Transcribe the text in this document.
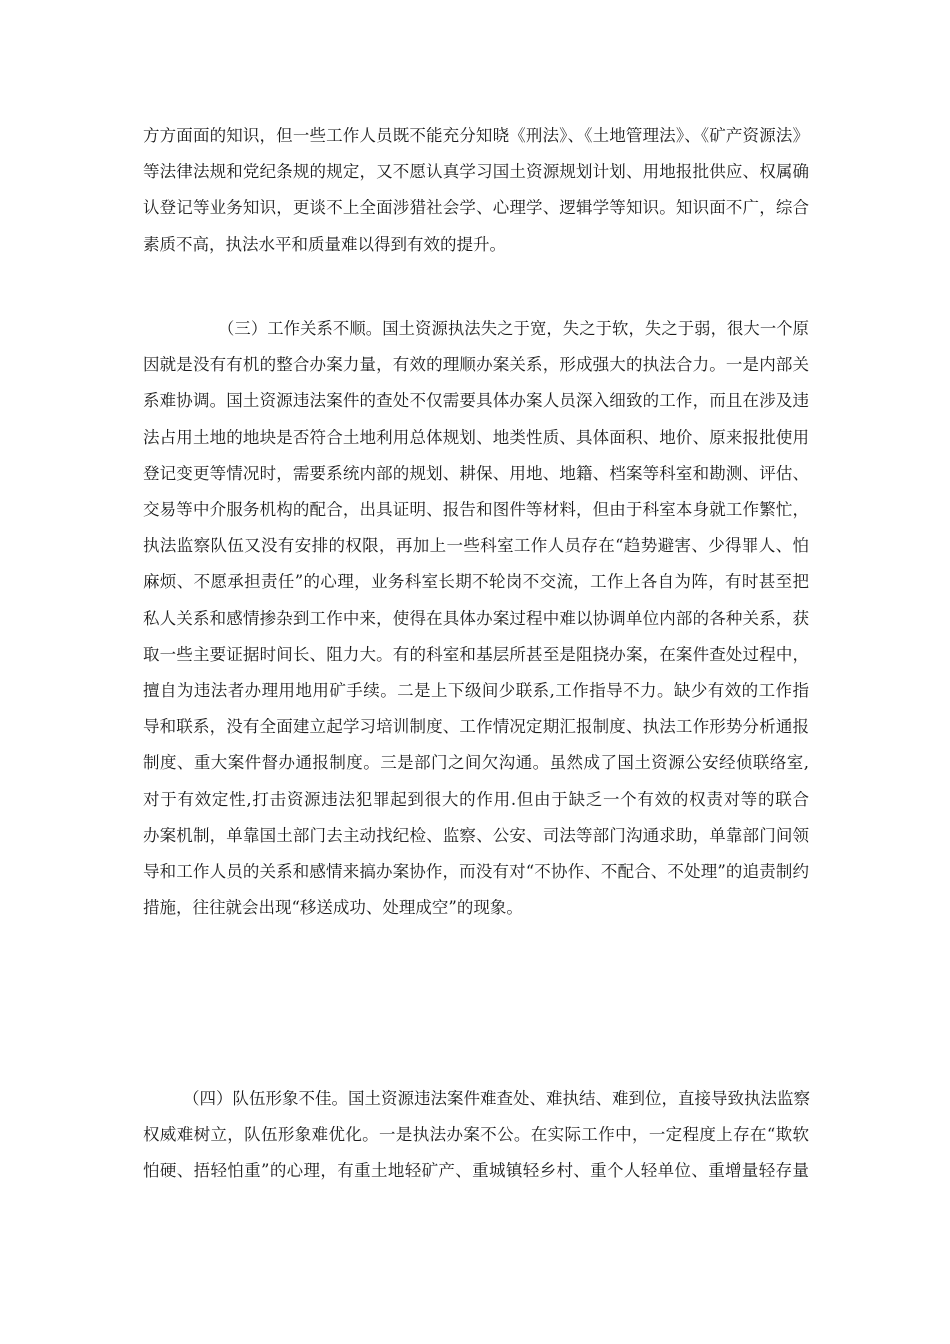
方方面面的知识，但一些工作人员既不能充分知晓《刑法》、《土地管理法》、《矿产资源法》
等法律法规和党纪条规的规定，又不愿认真学习国土资源规划计划、用地报批供应、权属确
认登记等业务知识，更谈不上全面涉猎社会学、心理学、逻辑学等知识。知识面不广，综合
素质不高，执法水平和质量难以得到有效的提升。
（三）工作关系不顺。国土资源执法失之于宽，失之于软，失之于弱，很大一个原
因就是没有有机的整合办案力量，有效的理顺办案关系，形成强大的执法合力。一是内部关
系难协调。国土资源违法案件的查处不仅需要具体办案人员深入细致的工作，而且在涉及违
法占用土地的地块是否符合土地利用总体规划、地类性质、具体面积、地价、原来报批使用
登记变更等情况时，需要系统内部的规划、耕保、用地、地籍、档案等科室和勘测、评估、
交易等中介服务机构的配合，出具证明、报告和图件等材料，但由于科室本身就工作繁忙，
执法监察队伍又没有安排的权限，再加上一些科室工作人员存在“趋势避害、少得罪人、怕
麻烦、不愿承担责任”的心理，业务科室长期不轮岗不交流，工作上各自为阵，有时甚至把
私人关系和感情掺杂到工作中来，使得在具体办案过程中难以协调单位内部的各种关系，获
取一些主要证据时间长、阻力大。有的科室和基层所甚至是阻挠办案，在案件查处过程中，
擅自为违法者办理用地用矿手续。二是上下级间少联系,工作指导不力。缺少有效的工作指
导和联系，没有全面建立起学习培训制度、工作情况定期汇报制度、执法工作形势分析通报
制度、重大案件督办通报制度。三是部门之间欠沟通。虽然成了国土资源公安经侦联络室,
对于有效定性,打击资源违法犯罪起到很大的作用.但由于缺乏一个有效的权责对等的联合
办案机制，单靠国土部门去主动找纪检、监察、公安、司法等部门沟通求助，单靠部门间领
导和工作人员的关系和感情来搞办案协作，而没有对“不协作、不配合、不处理”的追责制约
措施，往往就会出现“移送成功、处理成空”的现象。
（四）队伍形象不佳。国土资源违法案件难查处、难执结、难到位，直接导致执法监察
权威难树立，队伍形象难优化。一是执法办案不公。在实际工作中，一定程度上存在“欺软
怕硬、捂轻怕重”的心理，有重土地轻矿产、重城镇轻乡村、重个人轻单位、重增量轻存量
